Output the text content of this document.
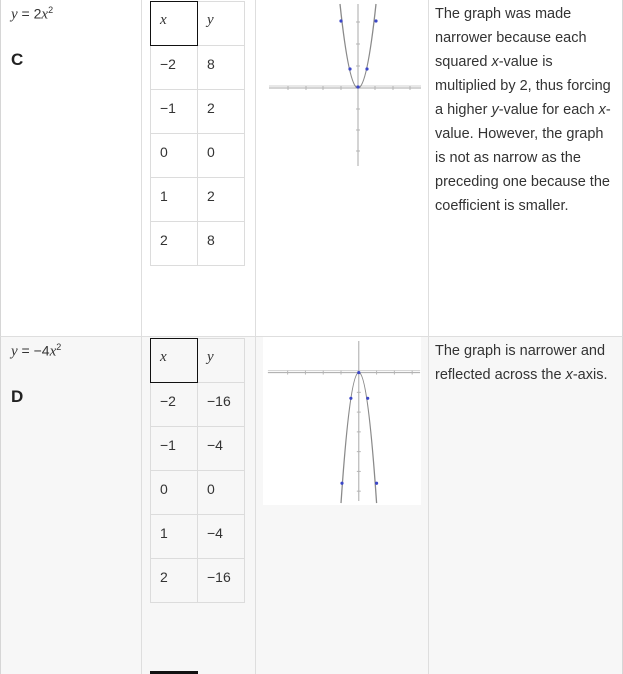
$y = 2x^2$
C
x	y
−2	8
−1	2
0	0
1	2
2	8
The graph was made narrower because each squared x-value is multiplied by 2, thus forcing a higher y-value for each x-value. However, the graph is not as narrow as the preceding one because the coefficient is smaller.
$y = -4x^2$
D
x	y
−2	−16
−1	−4
0	0
1	−4
2	−16
The graph is narrower and reflected across the x-axis.
